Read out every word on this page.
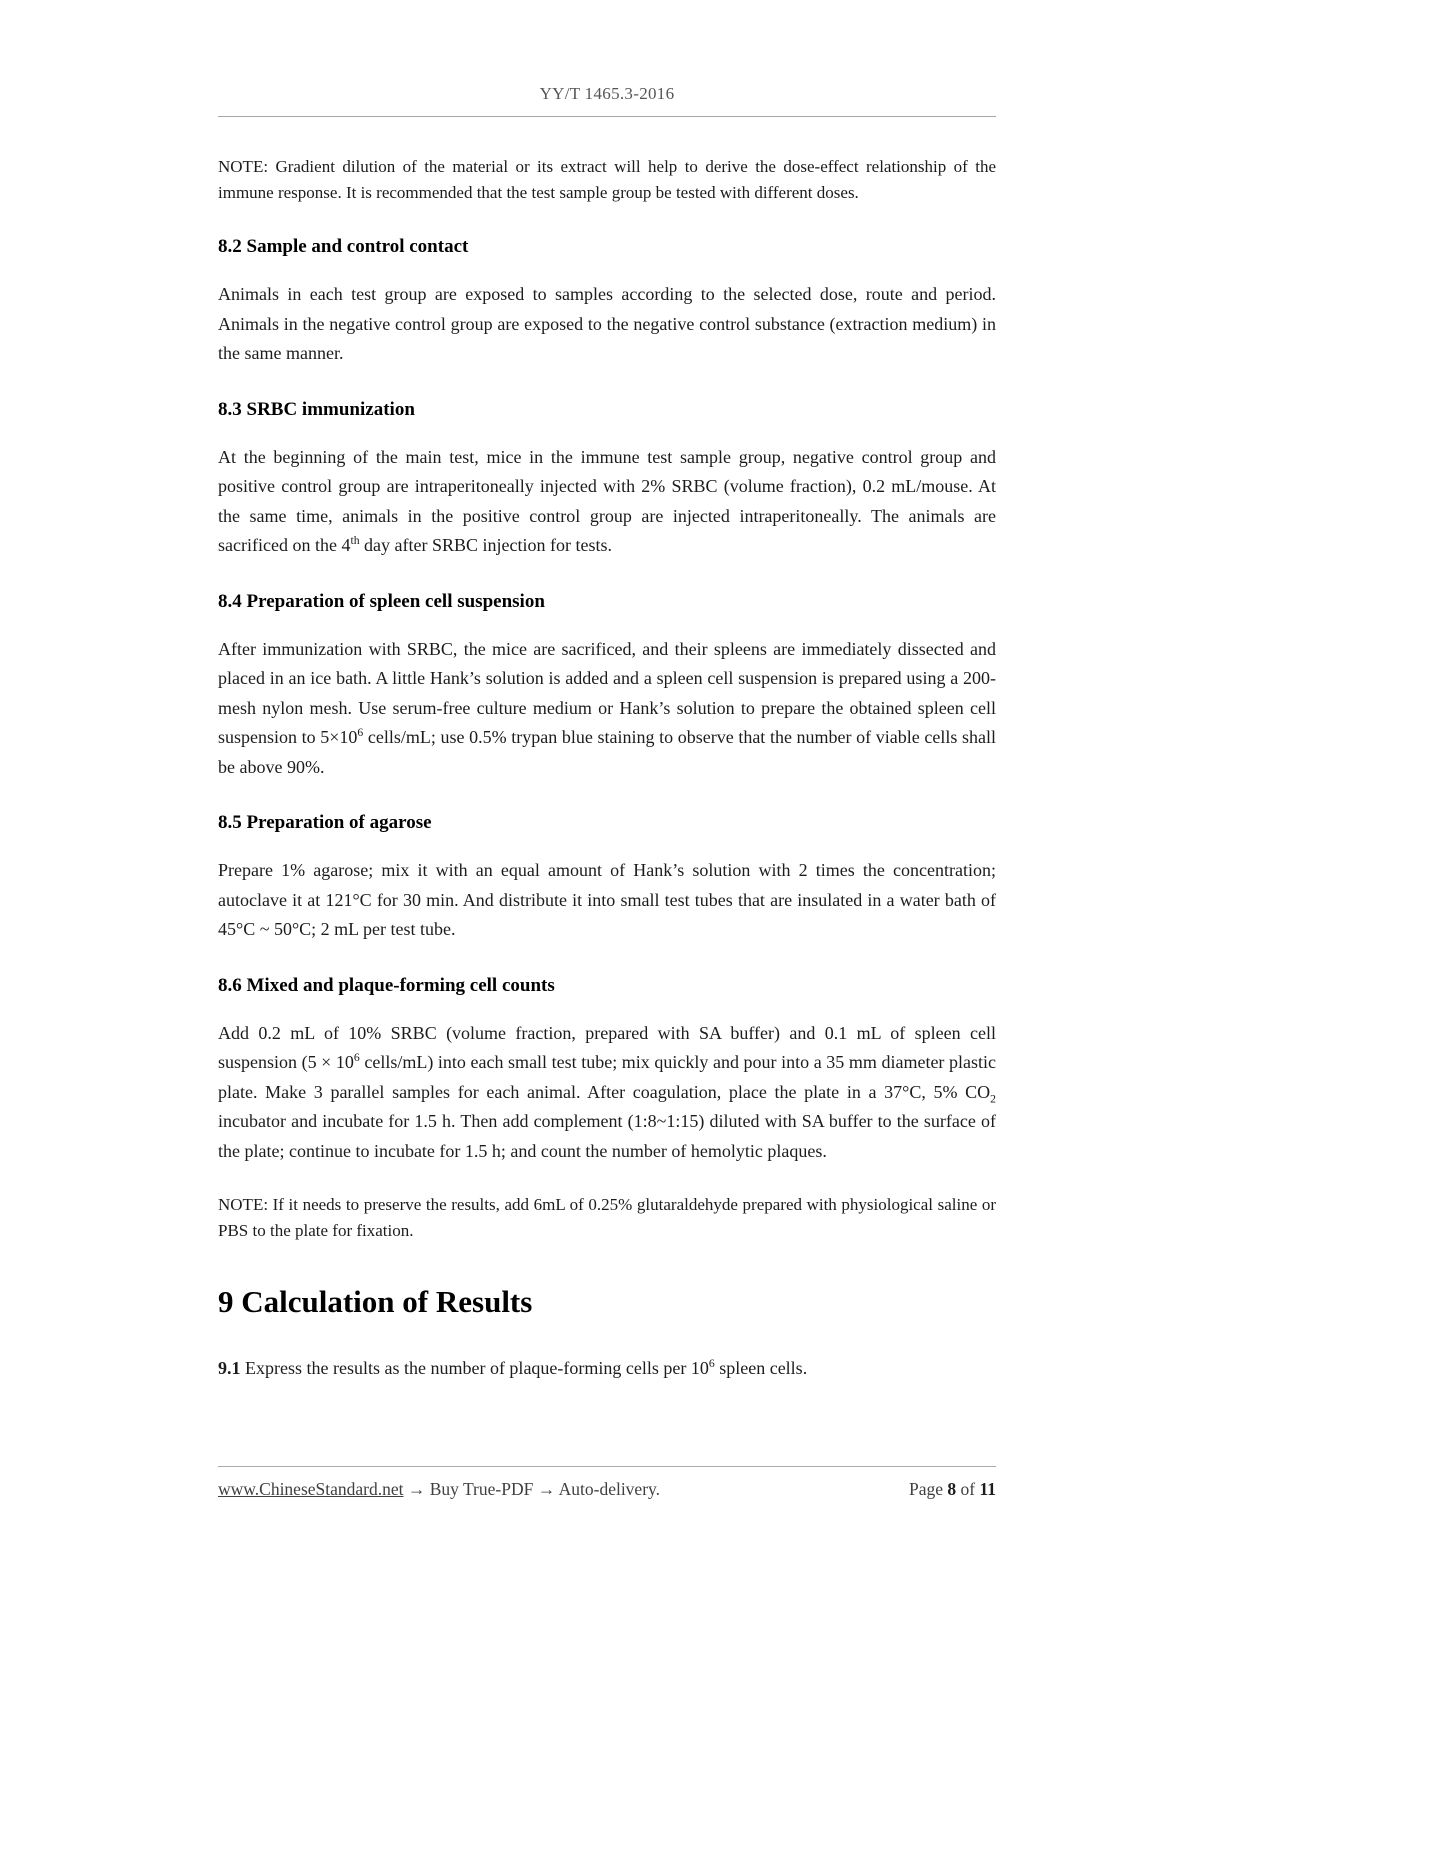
YY/T 1465.3-2016

NOTE: Gradient dilution of the material or its extract will help to derive the dose-effect relationship of the immune response. It is recommended that the test sample group be tested with different doses.

8.2 Sample and control contact

Animals in each test group are exposed to samples according to the selected dose, route and period. Animals in the negative control group are exposed to the negative control substance (extraction medium) in the same manner.

8.3 SRBC immunization

At the beginning of the main test, mice in the immune test sample group, negative control group and positive control group are intraperitoneally injected with 2% SRBC (volume fraction), 0.2 mL/mouse. At the same time, animals in the positive control group are injected intraperitoneally. The animals are sacrificed on the 4th day after SRBC injection for tests.

8.4 Preparation of spleen cell suspension

After immunization with SRBC, the mice are sacrificed, and their spleens are immediately dissected and placed in an ice bath. A little Hank’s solution is added and a spleen cell suspension is prepared using a 200-mesh nylon mesh. Use serum-free culture medium or Hank’s solution to prepare the obtained spleen cell suspension to $5\times 10^6$ cells/mL; use 0.5% trypan blue staining to observe that the number of viable cells shall be above 90%.

8.5 Preparation of agarose

Prepare 1% agarose; mix it with an equal amount of Hank’s solution with 2 times the concentration; autoclave it at 121°C for 30 min. And distribute it into small test tubes that are insulated in a water bath of 45°C ~ 50°C; 2 mL per test tube.

8.6 Mixed and plaque-forming cell counts

Add 0.2 mL of 10% SRBC (volume fraction, prepared with SA buffer) and 0.1 mL of spleen cell suspension ($5 \times 10^6$ cells/mL) into each small test tube; mix quickly and pour into a 35 mm diameter plastic plate. Make 3 parallel samples for each animal. After coagulation, place the plate in a 37°C, 5% $CO_2$ incubator and incubate for 1.5 h. Then add complement (1:8~1:15) diluted with SA buffer to the surface of the plate; continue to incubate for 1.5 h; and count the number of hemolytic plaques.

NOTE: If it needs to preserve the results, add 6mL of 0.25% glutaraldehyde prepared with physiological saline or PBS to the plate for fixation.

9 Calculation of Results

9.1 Express the results as the number of plaque-forming cells per $10^6$ spleen cells.

www.ChineseStandard.net → Buy True-PDF → Auto-delivery.	Page 8 of 11
